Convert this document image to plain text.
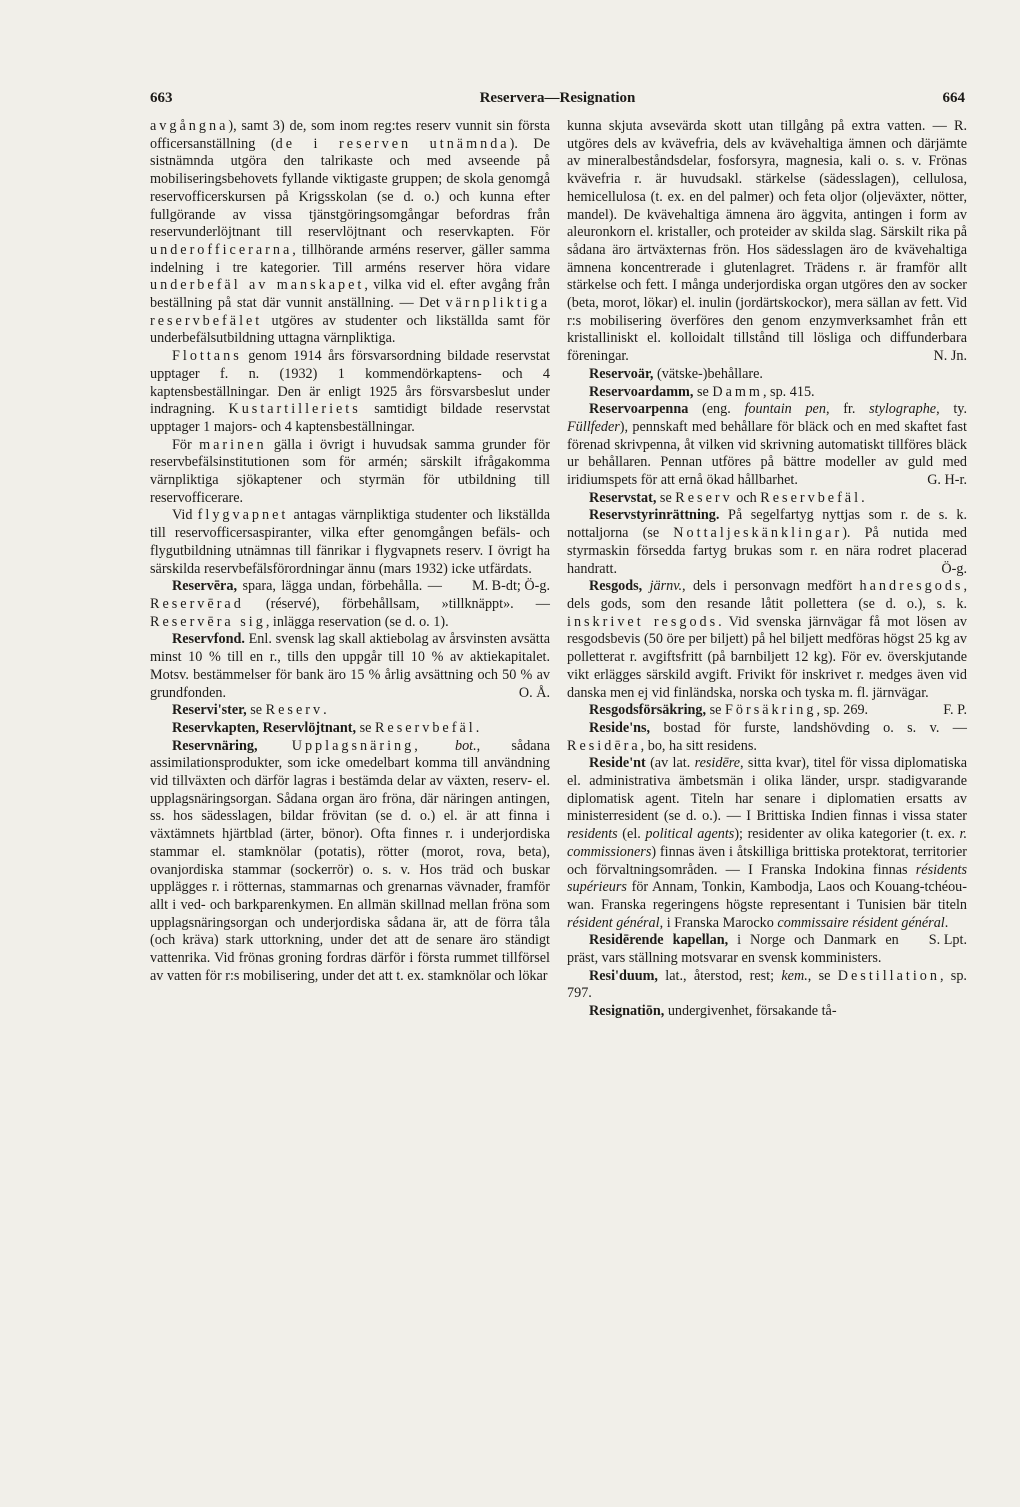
663	Reservera—Resignation	664

avgångna), samt 3) de, som inom reg:tes reserv vunnit sin första officersanställning (de i reserven utnämnda). De sistnämnda utgöra den talrikaste och med avseende på mobiliseringsbehovets fyllande viktigaste gruppen; de skola genomgå reservofficerskursen på Krigsskolan (se d. o.) och kunna efter fullgörande av vissa tjänstgöringsomgångar befordras från reservunderlöjtnant till reservlöjtnant och reservkapten. För underofficerarna, tillhörande arméns reserver, gäller samma indelning i tre kategorier. Till arméns reserver höra vidare underbefäl av manskapet, vilka vid el. efter avgång från beställning på stat där vunnit anställning. — Det värnpliktiga reservbefälet utgöres av studenter och likställda samt för underbefälsutbildning uttagna värnpliktiga.

Flottans genom 1914 års försvarsordning bildade reservstat upptager f. n. (1932) 1 kommendörkaptens- och 4 kaptensbeställningar. Den är enligt 1925 års försvarsbeslut under indragning. Kustartilleriets samtidigt bildade reservstat upptager 1 majors- och 4 kaptensbeställningar.

För marinen gälla i övrigt i huvudsak samma grunder för reservbefälsinstitutionen som för armén; särskilt ifrågakomma värnpliktiga sjökaptener och styrmän för utbildning till reservofficerare.

Vid flygvapnet antagas värnpliktiga studenter och likställda till reservofficersaspiranter, vilka efter genomgången befäls- och flygutbildning utnämnas till fänrikar i flygvapnets reserv. I övrigt ha särskilda reservbefälsförordningar ännu (mars 1932) icke utfärdats.
M. B-dt; Ö-g.

Reservēra, spara, lägga undan, förbehålla. — Reservērad (réservé), förbehållsam, »tillknäppt». — Reservēra sig, inlägga reservation (se d. o. 1).

Reservfond. Enl. svensk lag skall aktiebolag av årsvinsten avsätta minst 10 % till en r., tills den uppgår till 10 % av aktiekapitalet. Motsv. bestämmelser för bank äro 15 % årlig avsättning och 50 % av grundfonden.	O. Å.

Reservi'ster, se Reserv.

Reservkapten, Reservlöjtnant, se Reservbefäl.

Reservnäring, Upplagsnäring, bot., sådana assimilationsprodukter, som icke omedelbart komma till användning vid tillväxten och därför lagras i bestämda delar av växten, reserv- el. upplagsnäringsorgan. Sådana organ äro fröna, där näringen antingen, ss. hos sädesslagen, bildar frövitan (se d. o.) el. är att finna i växtämnets hjärtblad (ärter, bönor). Ofta finnes r. i underjordiska stammar el. stamknölar (potatis), rötter (morot, rova, beta), ovanjordiska stammar (sockerrör) o. s. v. Hos träd och buskar upplägges r. i rötternas, stammarnas och grenarnas vävnader, framför allt i ved- och barkparenkymen. En allmän skillnad mellan fröna som upplagsnäringsorgan och underjordiska sådana är, att de förra tåla (och kräva) stark uttorkning, under det att de senare äro ständigt vattenrika. Vid frönas groning fordras därför i första rummet tillförsel av vatten för r:s mobilisering, under det att t. ex. stamknölar och lökar

kunna skjuta avsevärda skott utan tillgång på extra vatten. — R. utgöres dels av kvävefria, dels av kvävehaltiga ämnen och därjämte av mineralbeståndsdelar, fosforsyra, magnesia, kali o. s. v. Frönas kvävefria r. är huvudsakl. stärkelse (sädesslagen), cellulosa, hemicellulosa (t. ex. en del palmer) och feta oljor (oljeväxter, nötter, mandel). De kvävehaltiga ämnena äro äggvita, antingen i form av aleuronkorn el. kristaller, och proteider av skilda slag. Särskilt rika på sådana äro ärtväxternas frön. Hos sädesslagen äro de kvävehaltiga ämnena koncentrerade i glutenlagret. Trädens r. är framför allt stärkelse och fett. I många underjordiska organ utgöres den av socker (beta, morot, lökar) el. inulin (jordärtskockor), mera sällan av fett. Vid r:s mobilisering överföres den genom enzymverksamhet från ett kristalliniskt el. kolloidalt tillstånd till lösliga och diffunderbara föreningar.	N. Jn.

Reservoär, (vätske-)behållare.

Reservoardamm, se Damm, sp. 415.

Reservoarpenna (eng. fountain pen, fr. stylographe, ty. Füllfeder), pennskaft med behållare för bläck och en med skaftet fast förenad skrivpenna, åt vilken vid skrivning automatiskt tillföres bläck ur behållaren. Pennan utföres på bättre modeller av guld med iridiumspets för att ernå ökad hållbarhet.	G. H-r.

Reservstat, se Reserv och Reservbefäl.

Reservstyrinrättning. På segelfartyg nyttjas som r. de s. k. nottaljorna (se Nottaljeskänklingar). På nutida med styrmaskin försedda fartyg brukas som r. en nära rodret placerad handratt.	Ö-g.

Resgods, järnv., dels i personvagn medfört handresgods, dels gods, som den resande låtit pollettera (se d. o.), s. k. inskrivet resgods. Vid svenska järnvägar få mot lösen av resgodsbevis (50 öre per biljett) på hel biljett medföras högst 25 kg av polletterat r. avgiftsfritt (på barnbiljett 12 kg). För ev. överskjutande vikt erlägges särskild avgift. Frivikt för inskrivet r. medges även vid danska men ej vid finländska, norska och tyska m. fl. järnvägar.
F. P.

Resgodsförsäkring, se Försäkring, sp. 269.

Reside'ns, bostad för furste, landshövding o. s. v. — Residēra, bo, ha sitt residens.

Reside'nt (av lat. residēre, sitta kvar), titel för vissa diplomatiska el. administrativa ämbetsmän i olika länder, urspr. stadigvarande diplomatisk agent. Titeln har senare i diplomatien ersatts av ministerresident (se d. o.). — I Brittiska Indien finnas i vissa stater residents (el. political agents); residenter av olika kategorier (t. ex. r. commissioners) finnas även i åtskilliga brittiska protektorat, territorier och förvaltningsområden. — I Franska Indokina finnas résidents supérieurs för Annam, Tonkin, Kambodja, Laos och Kouang-tchéou-wan. Franska regeringens högste representant i Tunisien bär titeln résident général, i Franska Marocko commissaire résident général.
S. Lpt.

Residērende kapellan, i Norge och Danmark en präst, vars ställning motsvarar en svensk komministers.

Resi'duum, lat., återstod, rest; kem., se Destillation, sp. 797.

Resignatiōn, undergivenhet, försakande tå-
